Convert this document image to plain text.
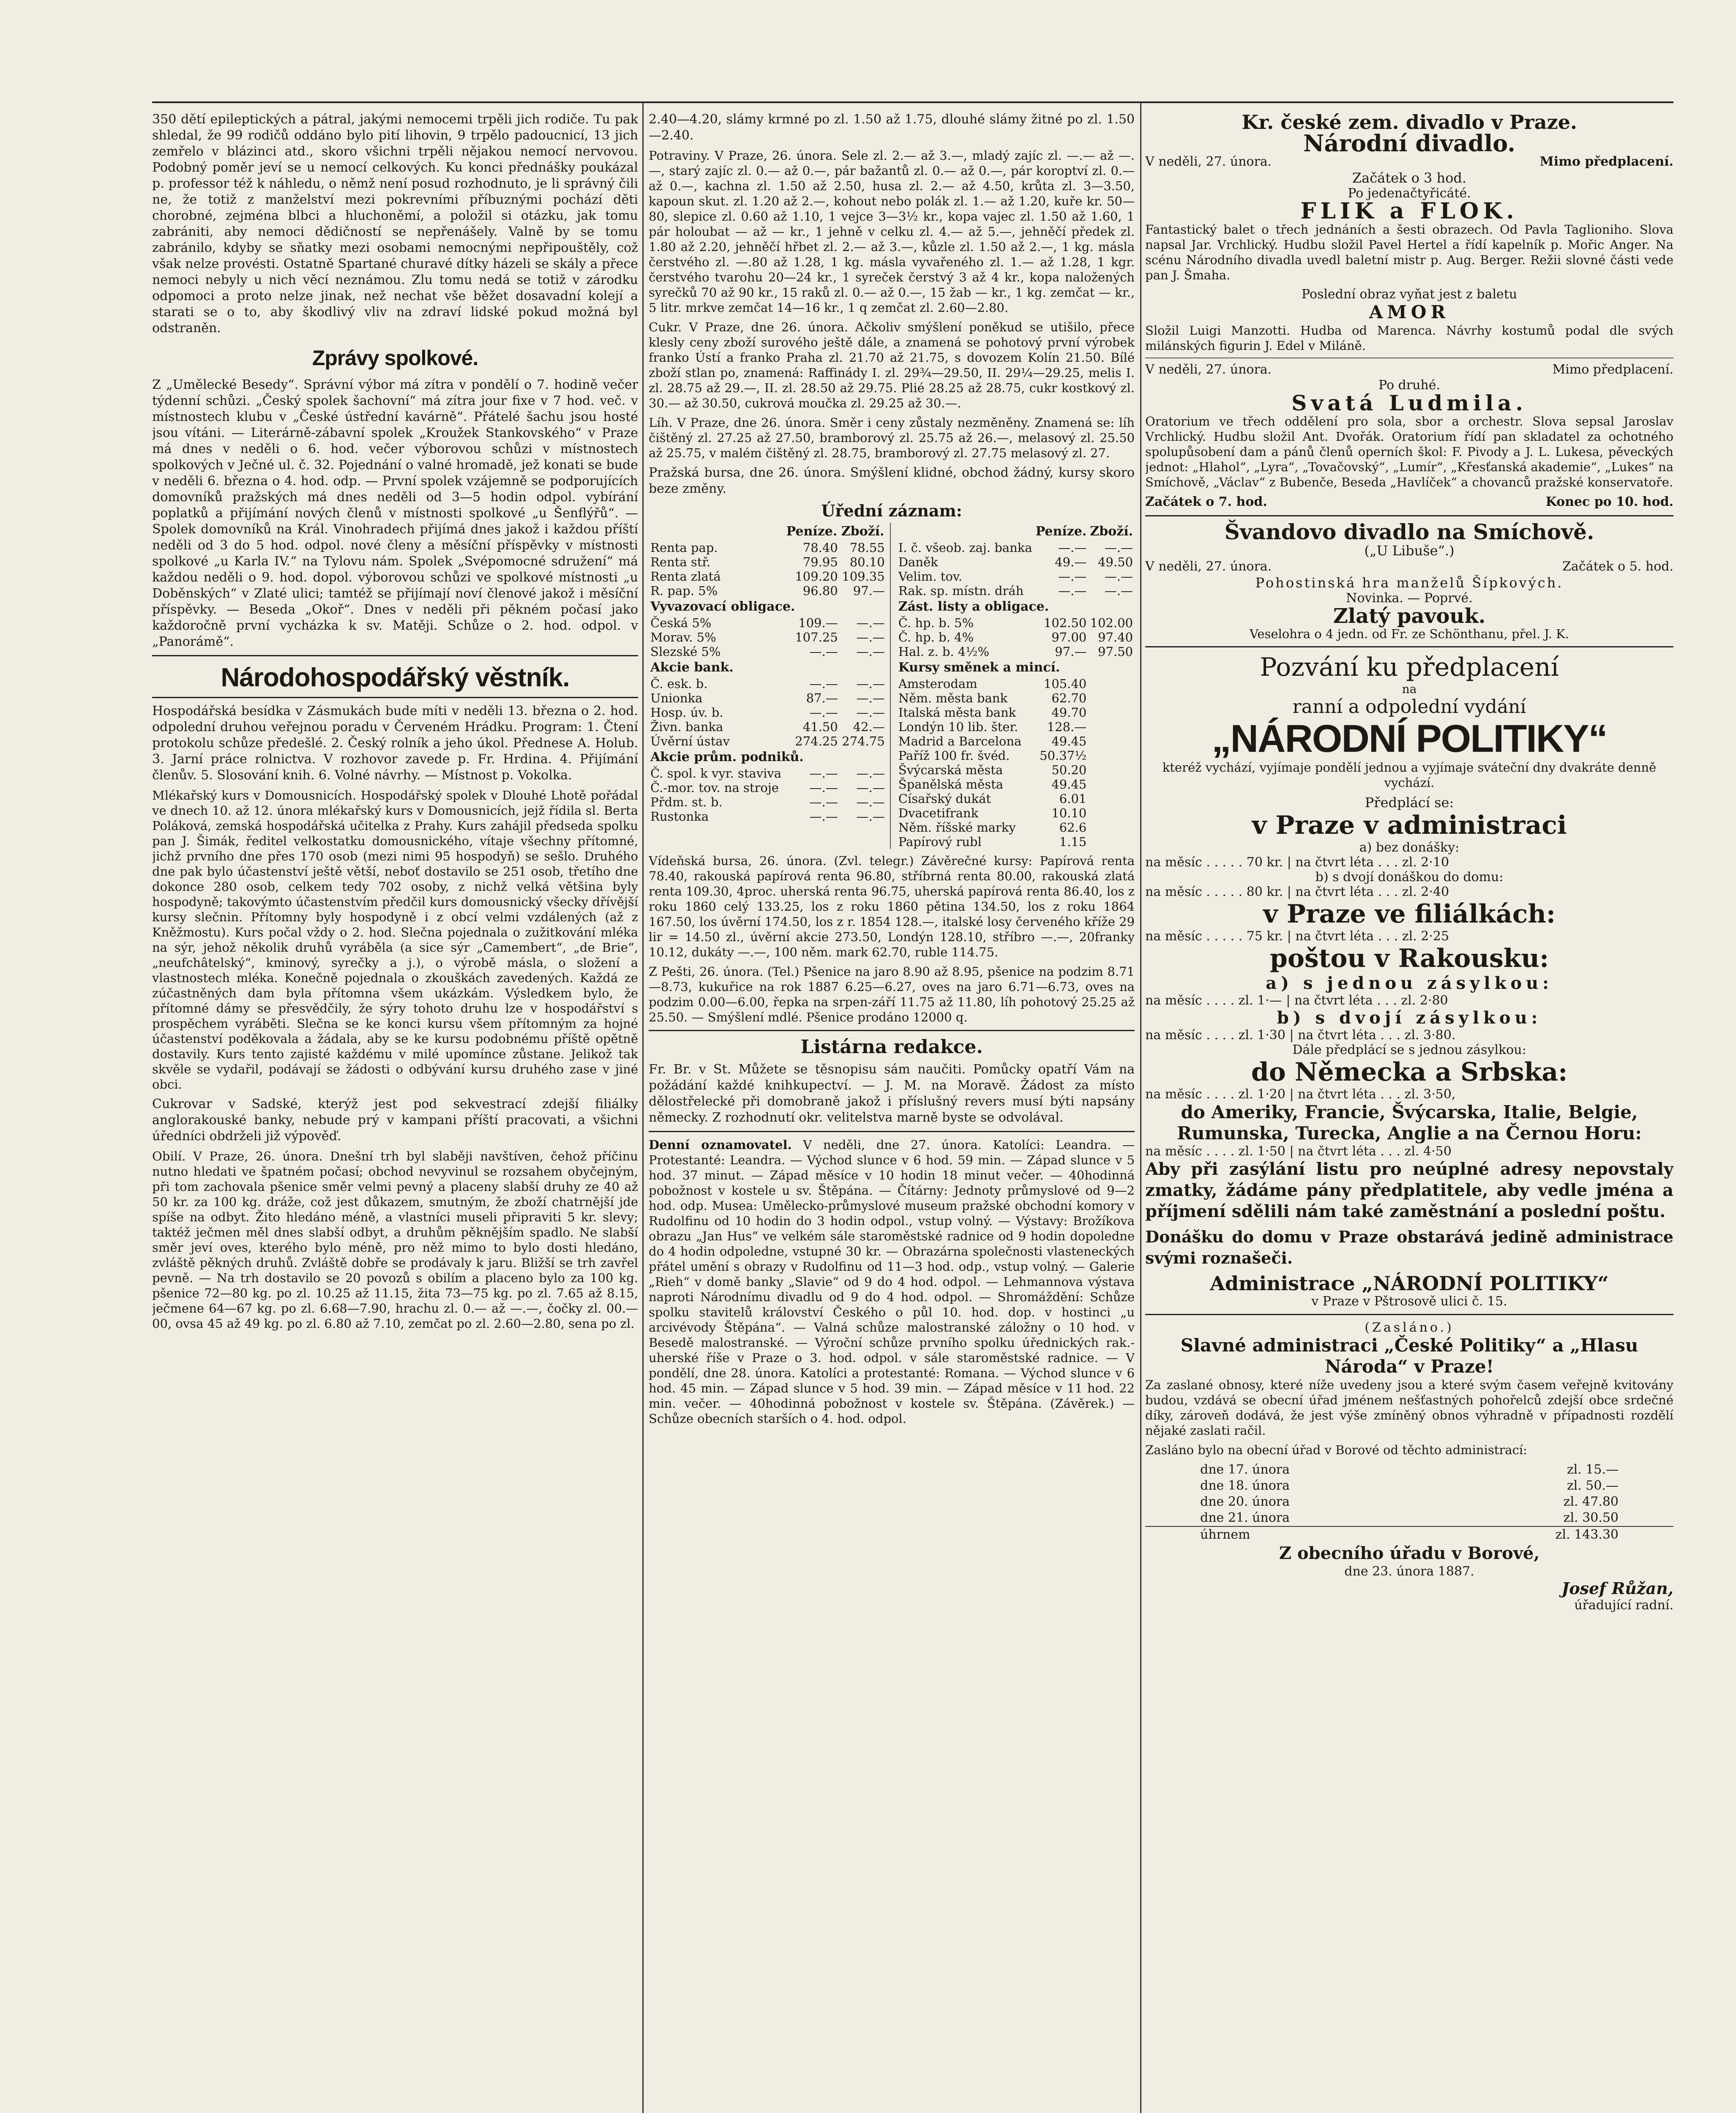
350 dětí epileptických a pátral, jakými nemocemi trpěli jich rodiče. Tu pak shledal, že 99 rodičů oddáno bylo pití lihovin, 9 trpělo padoucnicí, 13 jich zemřelo v blázinci atd., skoro všichni trpěli nějakou nemocí nervovou. Podobný poměr jeví se u nemocí celkových. Ku konci přednášky poukázal p. professor též k náhledu, o němž není posud rozhodnuto, je li správný čili ne, že totiž z manželství mezi pokrevními příbuznými pochází děti chorobné, zejména blbci a hluchoněmí, a položil si otázku, jak tomu zabrániti, aby nemoci dědičností se nepřenášely. Valně by se tomu zabránilo, kdyby se sňatky mezi osobami nemocnými nepřipouštěly, což však nelze provésti. Ostatně Spartané churavé dítky házeli se skály a přece nemoci nebyly u nich věcí neznámou. Zlu tomu nedá se totiž v zárodku odpomoci a proto nelze jinak, než nechat vše běžet dosavadní kolejí a starati se o to, aby škodlivý vliv na zdraví lidské pokud možná byl odstraněn.

Zprávy spolkové.

Z „Umělecké Besedy“. Správní výbor má zítra v pondělí o 7. hodině večer týdenní schůzi. „Český spolek šachovní“ má zítra jour fixe v 7 hod. več. v místnostech klubu v „České ústřední kavárně“. Přátelé šachu jsou hosté jsou vítáni. — Literárně-zábavní spolek „Kroužek Stankovského“ v Praze má dnes v neděli o 6. hod. večer výborovou schůzi v místnostech spolkových v Ječné ul. č. 32. Pojednání o valné hromadě, jež konati se bude v neděli 6. března o 4. hod. odp. — První spolek vzájemně se podporujících domovníků pražských má dnes neděli od 3—5 hodin odpol. vybírání poplatků a přijímání nových členů v místnosti spolkové „u Šenflýřů“. — Spolek domovníků na Král. Vinohradech přijímá dnes jakož i každou příští neděli od 3 do 5 hod. odpol. nové členy a měsíční příspěvky v místnosti spolkové „u Karla IV.“ na Tylovu nám. Spolek „Svépomocné sdružení“ má každou neděli o 9. hod. dopol. výborovou schůzi ve spolkové místnosti „u Doběnských“ v Zlaté ulici; tamtéž se přijímají noví členové jakož i měsíční příspěvky. — Beseda „Okoř“. Dnes v neděli při pěkném počasí jako každoročně první vycházka k sv. Matěji. Schůze o 2. hod. odpol. v „Panorámě“.

Národohospodářský věstník.

Hospodářská besídka v Zásmukách bude míti v neděli 13. března o 2. hod. odpolední druhou veřejnou poradu v Červeném Hrádku. Program: 1. Čtení protokolu schůze předešlé. 2. Český rolník a jeho úkol. Přednese A. Holub. 3. Jarní práce rolnictva. V rozhovor zavede p. Fr. Hrdina. 4. Přijímání členův. 5. Slosování knih. 6. Volné návrhy. — Místnost p. Vokolka.

Mlékařský kurs v Domousnicích. Hospodářský spolek v Dlouhé Lhotě pořádal ve dnech 10. až 12. února mlékařský kurs v Domousnicích, jejž řídila sl. Berta Poláková, zemská hospodářská učitelka z Prahy. Kurs zahájil předseda spolku pan J. Šimák, ředitel velkostatku domousnického, vítaje všechny přítomné, jichž prvního dne přes 170 osob (mezi nimi 95 hospodyň) se sešlo. Druhého dne pak bylo účastenství ještě větší, neboť dostavilo se 251 osob, třetího dne dokonce 280 osob, celkem tedy 702 osoby, z nichž velká většina byly hospodyně; takovýmto účastenstvím předčil kurs domousnický všecky dřívější kursy slečnin. Přítomny byly hospodyně i z obcí velmi vzdálených (až z Kněžmostu). Kurs počal vždy o 2. hod. Slečna pojednala o zužitkování mléka na sýr, jehož několik druhů vyráběla (a sice sýr „Camembert“, „de Brie“, „neufchâtelský“, kminový, syrečky a j.), o výrobě másla, o složení a vlastnostech mléka. Konečně pojednala o zkouškách zavedených. Každá ze zúčastněných dam byla přítomna všem ukázkám. Výsledkem bylo, že přítomné dámy se přesvědčily, že sýry tohoto druhu lze v hospodářství s prospěchem vyráběti. Slečna se ke konci kursu všem přítomným za hojné účastenství poděkovala a žádala, aby se ke kursu podobnému příště opětně dostavily. Kurs tento zajisté každému v milé upomínce zůstane. Jelikož tak skvěle se vydařil, podávají se žádosti o odbývání kursu druhého zase v jiné obci.

Cukrovar v Sadské, kterýž jest pod sekvestrací zdejší filiálky anglorakouské banky, nebude prý v kampani příští pracovati, a všichni úředníci obdrželi již výpověď.

Obilí. V Praze, 26. února. Dnešní trh byl slaběji navštíven, čehož příčinu nutno hledati ve špatném počasí; obchod nevyvinul se rozsahem obyčejným, při tom zachovala pšenice směr velmi pevný a placeny slabší druhy ze 40 až 50 kr. za 100 kg. dráže, což jest důkazem, smutným, že zboží chatrnější jde spíše na odbyt. Žito hledáno méně, a vlastníci museli připraviti 5 kr. slevy; taktéž ječmen měl dnes slabší odbyt, a druhům pěknějším spadlo. Ne slabší směr jeví oves, kterého bylo méně, pro něž mimo to bylo dosti hledáno, zvláště pěkných druhů. Zvláště dobře se prodávaly k jaru. Bližší se trh zavřel pevně. — Na trh dostavilo se 20 povozů s obilím a placeno bylo za 100 kg. pšenice 72—80 kg. po zl. 10.25 až 11.15, žita 73—75 kg. po zl. 7.65 až 8.15, ječmene 64—67 kg. po zl. 6.68—7.90, hrachu zl. 0.— až —.—, čočky zl. 00.—00, ovsa 45 až 49 kg. po zl. 6.80 až 7.10, zemčat po zl. 2.60—2.80, sena po zl.

2.40—4.20, slámy krmné po zl. 1.50 až 1.75, dlouhé slámy žitné po zl. 1.50—2.40.

Potraviny. V Praze, 26. února. Sele zl. 2.— až 3.—, mladý zajíc zl. —.— až —.—, starý zajíc zl. 0.— až 0.—, pár bažantů zl. 0.— až 0.—, pár koroptví zl. 0.— až 0.—, kachna zl. 1.50 až 2.50, husa zl. 2.— až 4.50, krůta zl. 3—3.50, kapoun skut. zl. 1.20 až 2.—, kohout nebo polák zl. 1.— až 1.20, kuře kr. 50—80, slepice zl. 0.60 až 1.10, 1 vejce 3—3½ kr., kopa vajec zl. 1.50 až 1.60, 1 pár holoubat — až — kr., 1 jehně v celku zl. 4.— až 5.—, jehněčí předek zl. 1.80 až 2.20, jehněčí hřbet zl. 2.— až 3.—, kůzle zl. 1.50 až 2.—, 1 kg. másla čerstvého zl. —.80 až 1.28, 1 kg. másla vyvařeného zl. 1.— až 1.28, 1 kgr. čerstvého tvarohu 20—24 kr., 1 syreček čerstvý 3 až 4 kr., kopa naložených syrečků 70 až 90 kr., 15 raků zl. 0.— až 0.—, 15 žab — kr., 1 kg. zemčat — kr., 5 litr. mrkve zemčat 14—16 kr., 1 q zemčat zl. 2.60—2.80.

Cukr. V Praze, dne 26. února. Ačkoliv smýšlení poněkud se utišilo, přece klesly ceny zboží surového ještě dále, a znamená se pohotový první výrobek franko Ústí a franko Praha zl. 21.70 až 21.75, s dovozem Kolín 21.50. Bílé zboží stlan po, znamená: Raffinády I. zl. 29¾—29.50, II. 29¼—29.25, melis I. zl. 28.75 až 29.—, II. zl. 28.50 až 29.75. Plié 28.25 až 28.75, cukr kostkový zl. 30.— až 30.50, cukrová moučka zl. 29.25 až 30.—.

Líh. V Praze, dne 26. února. Směr i ceny zůstaly nezměněny. Znamená se: líh čištěný zl. 27.25 až 27.50, bramborový zl. 25.75 až 26.—, melasový zl. 25.50 až 25.75, v malém čištěný zl. 28.75, bramborový zl. 27.75 melasový zl. 27.

Pražská bursa, dne 26. února. Smýšlení klidné, obchod žádný, kursy skoro beze změny.

Úřední záznam:
	Peníze.	Zboží.
Renta pap.	78.40	78.55
Renta stř.	79.95	80.10
Renta zlatá	109.20	109.35
R. pap. 5%	96.80	97.—
Vyvazovací obligace.		
Česká 5%	109.—	—.—
Morav. 5%	107.25	—.—
Slezské 5%	—.—	—.—
Akcie bank.		
Č. esk. b.	—.—	—.—
Unionka	87.—	—.—
Hosp. úv. b.	—.—	—.—
Živn. banka	41.50	42.—
Úvěrní ústav	274.25	274.75
Akcie prům. podniků.		
Č. spol. k vyr. staviva	—.—	—.—
Č.-mor. tov. na stroje	—.—	—.—
Přdm. st. b.	—.—	—.—
Rustonka	—.—	—.—
	Peníze.	Zboží.
I. č. všeob. zaj. banka	—.—	—.—
Daněk	49.—	49.50
Velim. tov.	—.—	—.—
Rak. sp. místn. dráh	—.—	—.—
Zást. listy a obligace.		
Č. hp. b. 5%	102.50	102.00
Č. hp. b. 4%	97.00	97.40
Hal. z. b. 4½%	97.—	97.50
Kursy směnek a mincí.		
Amsterodam	105.40	
Něm. města bank	62.70	
Italská města bank	49.70	
Londýn 10 lib. šter.	128.—	
Madrid a Barcelona	49.45	
Paříž 100 fr. švéd.	50.37½	
Švýcarská města	50.20	
Španělská města	49.45	
Císařský dukát	6.01	
Dvacetifrank	10.10	
Něm. říšské marky	62.6	
Papírový rubl	1.15	

Vídeňská bursa, 26. února. (Zvl. telegr.) Závěrečné kursy: Papírová renta 78.40, rakouská papírová renta 96.80, stříbrná renta 80.00, rakouská zlatá renta 109.30, 4proc. uherská renta 96.75, uherská papírová renta 86.40, los z roku 1860 celý 133.25, los z roku 1860 pětina 134.50, los z roku 1864 167.50, los úvěrní 174.50, los z r. 1854 128.—, italské losy červeného kříže 29 lir = 14.50 zl., úvěrní akcie 273.50, Londýn 128.10, stříbro —.—, 20franky 10.12, dukáty —.—, 100 něm. mark 62.70, ruble 114.75.

Z Pešti, 26. února. (Tel.) Pšenice na jaro 8.90 až 8.95, pšenice na podzim 8.71—8.73, kukuřice na rok 1887 6.25—6.27, oves na jaro 6.71—6.73, oves na podzim 0.00—6.00, řepka na srpen-září 11.75 až 11.80, líh pohotový 25.25 až 25.50. — Smýšlení mdlé. Pšenice prodáno 12000 q.

Listárna redakce.

Fr. Br. v St. Můžete se těsnopisu sám naučiti. Pomůcky opatří Vám na požádání každé knihkupectví. — J. M. na Moravě. Žádost za místo dělostřelecké při domobraně jakož i příslušný revers musí býti napsány německy. Z rozhodnutí okr. velitelstva marně byste se odvolával.

Denní oznamovatel. V neděli, dne 27. února. Katolíci: Leandra. — Protestanté: Leandra. — Východ slunce v 6 hod. 59 min. — Západ slunce v 5 hod. 37 minut. — Západ měsíce v 10 hodin 18 minut večer. — 40hodinná pobožnost v kostele u sv. Štěpána. — Čítárny: Jednoty průmyslové od 9—2 hod. odp. Musea: Umělecko-průmyslové museum pražské obchodní komory v Rudolfinu od 10 hodin do 3 hodin odpol., vstup volný. — Výstavy: Brožíkova obrazu „Jan Hus“ ve velkém sále staroměstské radnice od 9 hodin dopoledne do 4 hodin odpoledne, vstupné 30 kr. — Obrazárna společnosti vlasteneckých přátel umění s obrazy v Rudolfinu od 11—3 hod. odp., vstup volný. — Galerie „Rieh“ v domě banky „Slavie“ od 9 do 4 hod. odpol. — Lehmannova výstava naproti Národnímu divadlu od 9 do 4 hod. odpol. — Shromáždění: Schůze spolku stavitelů království Českého o půl 10. hod. dop. v hostinci „u arcivévody Štěpána“. — Valná schůze malostranské záložny o 10 hod. v Besedě malostranské. — Výroční schůze prvního spolku úřednických rak.-uherské říše v Praze o 3. hod. odpol. v sále staroměstské radnice. — V pondělí, dne 28. února. Katolíci a protestanté: Romana. — Východ slunce v 6 hod. 45 min. — Západ slunce v 5 hod. 39 min. — Západ měsíce v 11 hod. 22 min. večer. — 40hodinná pobožnost v kostele sv. Štěpána. (Závěrek.) — Schůze obecních starších o 4. hod. odpol.

Kr. české zem. divadlo v Praze.
Národní divadlo.
V neděli, 27. února.	Mimo předplacení.
Začátek o 3 hod.
Po jedenačtyřicáté.
FLIK a FLOK.

Fantastický balet o třech jednáních a šesti obrazech. Od Pavla Taglioniho. Slova napsal Jar. Vrchlický. Hudbu složil Pavel Hertel a řídí kapelník p. Mořic Anger. Na scénu Národního divadla uvedl baletní mistr p. Aug. Berger. Režii slovné části vede pan J. Šmaha.

Poslední obraz vyňat jest z baletu
AMOR

Složil Luigi Manzotti. Hudba od Marenca. Návrhy kostumů podal dle svých milánských figurin J. Edel v Miláně.

V neděli, 27. února.	Mimo předplacení.
Po druhé.
Svatá Ludmila.

Oratorium ve třech oddělení pro sola, sbor a orchestr. Slova sepsal Jaroslav Vrchlický. Hudbu složil Ant. Dvořák. Oratorium řídí pan skladatel za ochotného spolupůsobení dam a pánů členů operních škol: F. Pivody a J. L. Lukesa, pěveckých jednot: „Hlahol“, „Lyra“, „Tovačovský“, „Lumír“, „Křesťanská akademie“, „Lukes“ na Smíchově, „Václav“ z Bubenče, Beseda „Havlíček“ a chovanců pražské konservatoře.

Začátek o 7. hod.	Konec po 10. hod.
Švandovo divadlo na Smíchově.
(„U Libuše“.)
V neděli, 27. února.	Začátek o 5. hod.
Pohostinská hra manželů Šípkových.
Novinka. — Poprvé.
Zlatý pavouk.
Veselohra o 4 jedn. od Fr. ze Schönthanu, přel. J. K.
Pozvání ku předplacení
na
ranní a odpolední vydání
„NÁRODNÍ POLITIKY“

kteréž vychází, vyjímaje pondělí jednou a vyjímaje sváteční dny dvakráte denně vychází.

Předplácí se:
v Praze v administraci
a) bez donášky:
na měsíc . . . . . 70 kr. | na čtvrt léta . . . zl. 2·10
b) s dvojí donáškou do domu:
na měsíc . . . . . 80 kr. | na čtvrt léta . . . zl. 2·40
v Praze ve filiálkách:
na měsíc . . . . . 75 kr. | na čtvrt léta . . . zl. 2·25
poštou v Rakousku:
a) s jednou zásylkou:
na měsíc . . . . zl. 1·— | na čtvrt léta . . . zl. 2·80
b) s dvojí zásylkou:
na měsíc . . . . zl. 1·30 | na čtvrt léta . . . zl. 3·80.
Dále předplácí se s jednou zásylkou:
do Německa a Srbska:
na měsíc . . . . zl. 1·20 | na čtvrt léta . . . zl. 3·50,
do Ameriky, Francie, Švýcarska, Italie, Belgie, Rumunska, Turecka, Anglie a na Černou Horu:
na měsíc . . . . zl. 1·50 | na čtvrt léta . . . zl. 4·50

Aby při zasýlání listu pro neúplné adresy nepovstaly zmatky, žádáme pány předplatitele, aby vedle jména a příjmení sdělili nám také zaměstnání a poslední poštu.

Donášku do domu v Praze obstarává jedině administrace svými roznašeči.

Administrace „NÁRODNÍ POLITIKY“
v Praze v Pštrosově ulici č. 15.
(Zasláno.)
Slavné administraci „České Politiky“ a „Hlasu Národa“ v Praze!

Za zaslané obnosy, které níže uvedeny jsou a které svým časem veřejně kvitovány budou, vzdává se obecní úřad jménem nešťastných pohořelců zdejší obce srdečné díky, zároveň dodává, že jest výše zmíněný obnos výhradně v případnosti rozdělí nějaké zaslati račil.

Zasláno bylo na obecní úřad v Borové od těchto administrací:

dne 17. února	zl. 15.—
dne 18. února	zl. 50.—
dne 20. února	zl. 47.80
dne 21. února	zl. 30.50
úhrnem	zl. 143.30
Z obecního úřadu v Borové,
dne 23. února 1887.
Josef Růžan,
úřadující radní.
